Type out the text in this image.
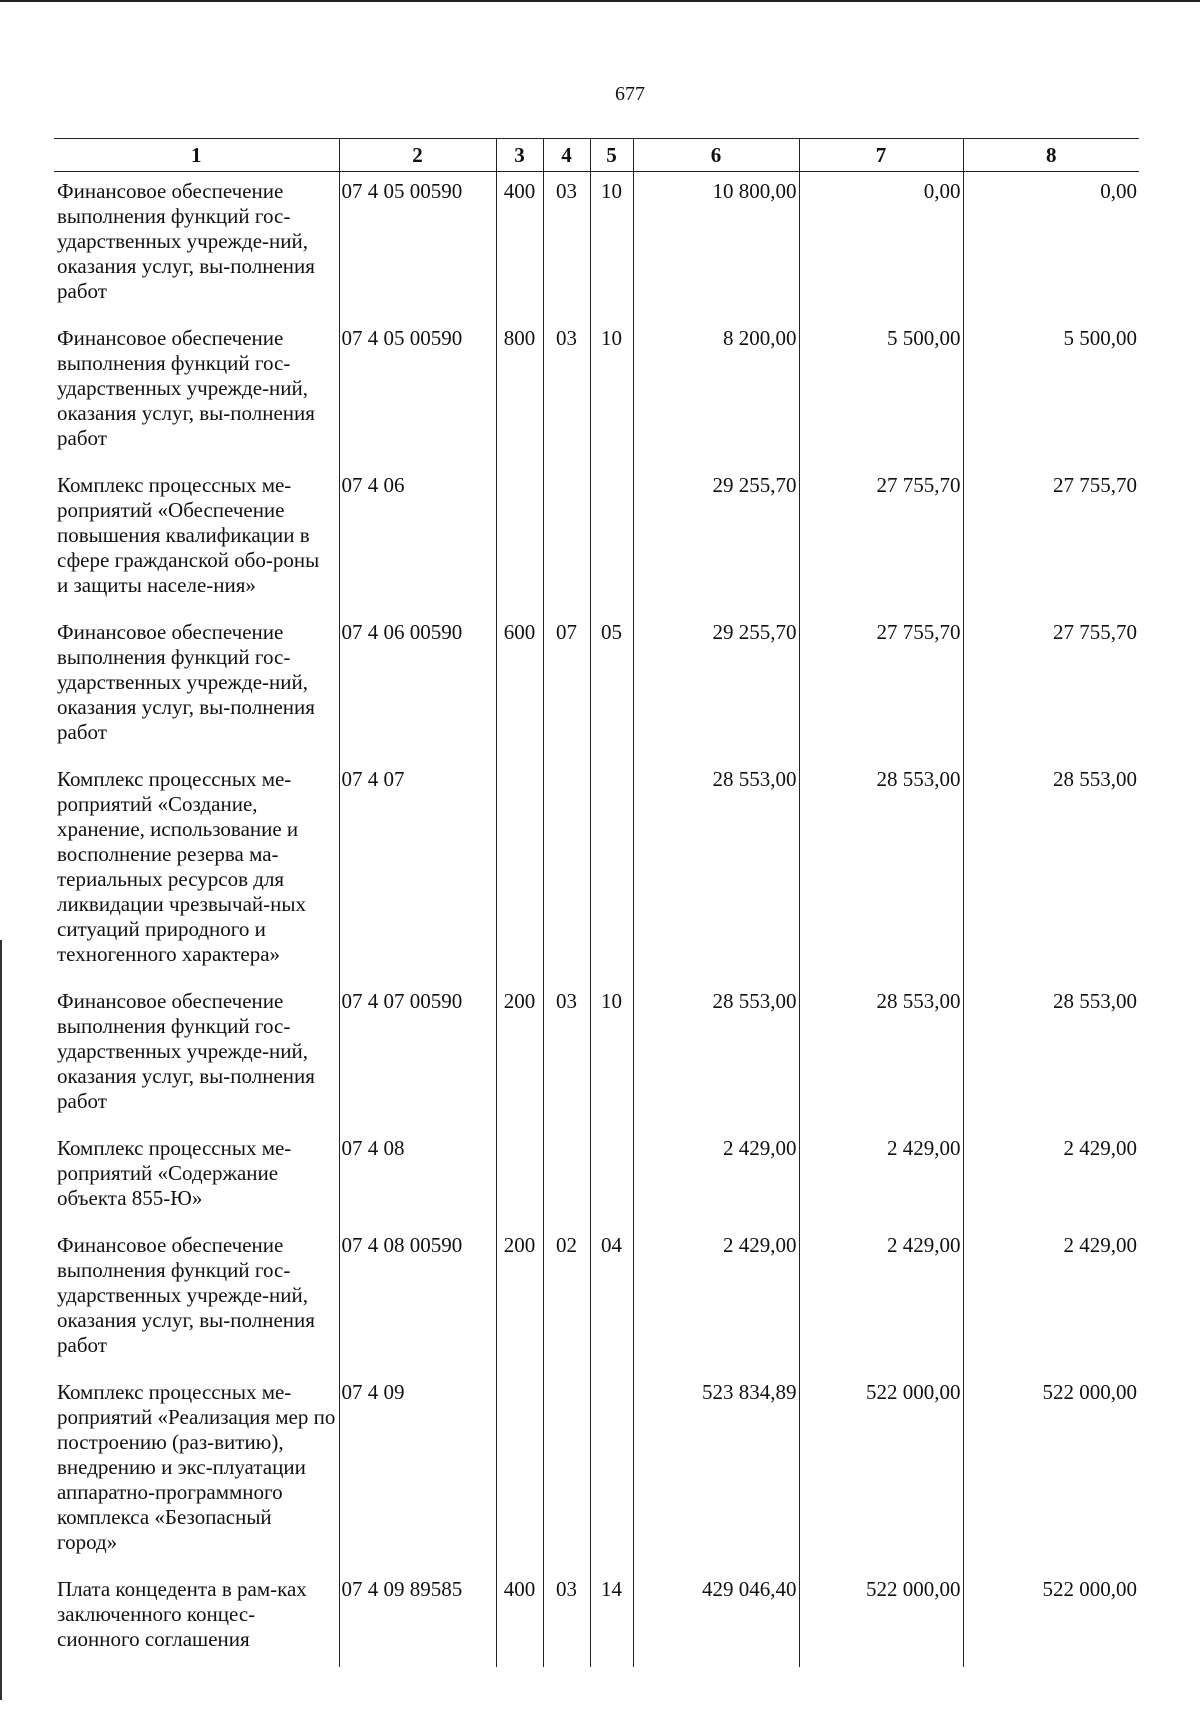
677
1	2	3	4	5	6	7	8
Финансовое обеспечение выполнения функций гос-ударственных учрежде-ний, оказания услуг, вы-полнения работ	07 4 05 00590	400	03	10	10 800,00	0,00	0,00
Финансовое обеспечение выполнения функций гос-ударственных учрежде-ний, оказания услуг, вы-полнения работ	07 4 05 00590	800	03	10	8 200,00	5 500,00	5 500,00
Комплекс процессных ме-роприятий «Обеспечение повышения квалификации в сфере гражданской обо-роны и защиты населе-ния»	07 4 06				29 255,70	27 755,70	27 755,70
Финансовое обеспечение выполнения функций гос-ударственных учрежде-ний, оказания услуг, вы-полнения работ	07 4 06 00590	600	07	05	29 255,70	27 755,70	27 755,70
Комплекс процессных ме-роприятий «Создание, хранение, использование и восполнение резерва ма-териальных ресурсов для ликвидации чрезвычай-ных ситуаций природного и техногенного характера»	07 4 07				28 553,00	28 553,00	28 553,00
Финансовое обеспечение выполнения функций гос-ударственных учрежде-ний, оказания услуг, вы-полнения работ	07 4 07 00590	200	03	10	28 553,00	28 553,00	28 553,00
Комплекс процессных ме-роприятий «Содержание объекта 855-Ю»	07 4 08				2 429,00	2 429,00	2 429,00
Финансовое обеспечение выполнения функций гос-ударственных учрежде-ний, оказания услуг, вы-полнения работ	07 4 08 00590	200	02	04	2 429,00	2 429,00	2 429,00
Комплекс процессных ме-роприятий «Реализация мер по построению (раз-витию), внедрению и экс-плуатации аппаратно-программного комплекса «Безопасный город»	07 4 09				523 834,89	522 000,00	522 000,00
Плата концедента в рам-ках заключенного концес-сионного соглашения	07 4 09 89585	400	03	14	429 046,40	522 000,00	522 000,00
